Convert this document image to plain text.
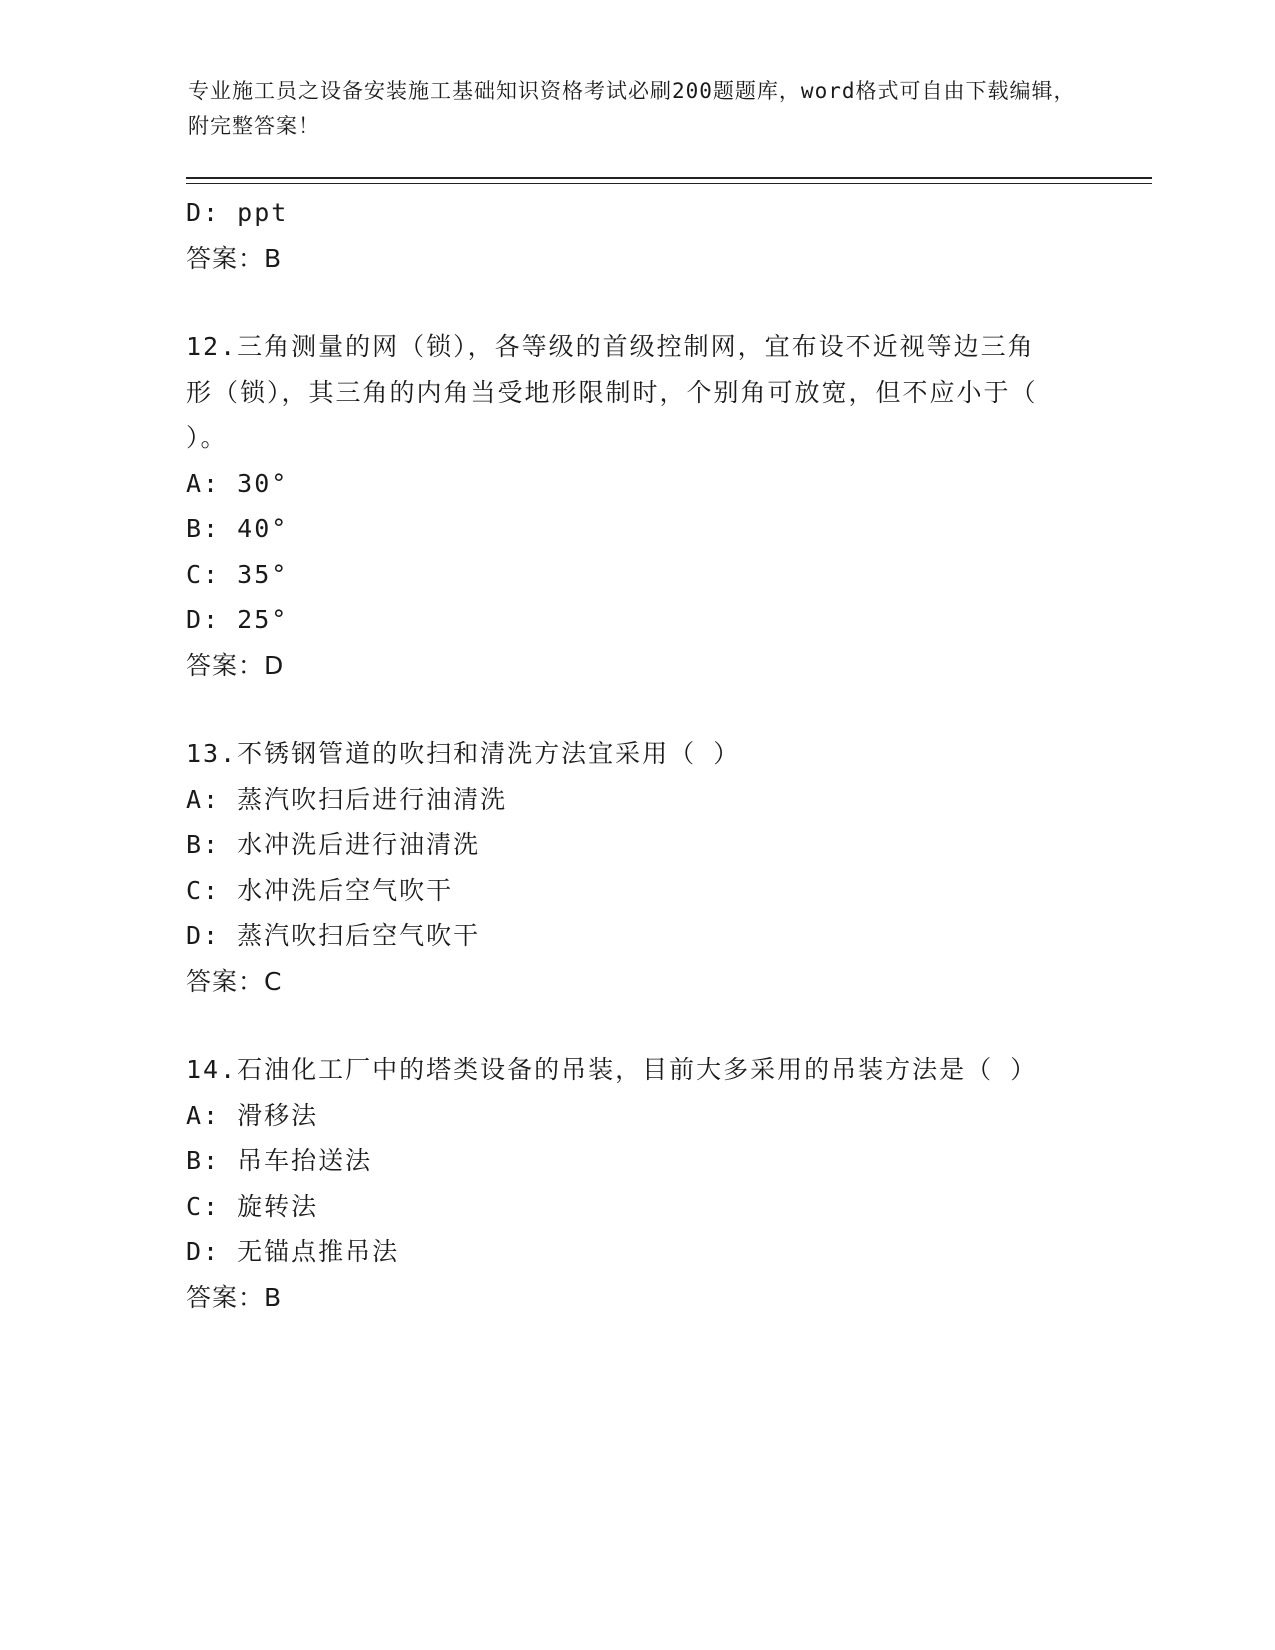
专业施工员之设备安装施工基础知识资格考试必刷200题题库，word格式可自由下载编辑，附完整答案！
D: ppt
答案：B
12.三角测量的网（锁），各等级的首级控制网，宜布设不近视等边三角形（锁），其三角的内角当受地形限制时，个别角可放宽，但不应小于（ ）。
A: 30°
B: 40°
C: 35°
D: 25°
答案：D
13.不锈钢管道的吹扫和清洗方法宜采用（ ）
A: 蒸汽吹扫后进行油清洗
B: 水冲洗后进行油清洗
C: 水冲洗后空气吹干
D: 蒸汽吹扫后空气吹干
答案：C
14.石油化工厂中的塔类设备的吊装，目前大多采用的吊装方法是（ ）
A: 滑移法
B: 吊车抬送法
C: 旋转法
D: 无锚点推吊法
答案：B
